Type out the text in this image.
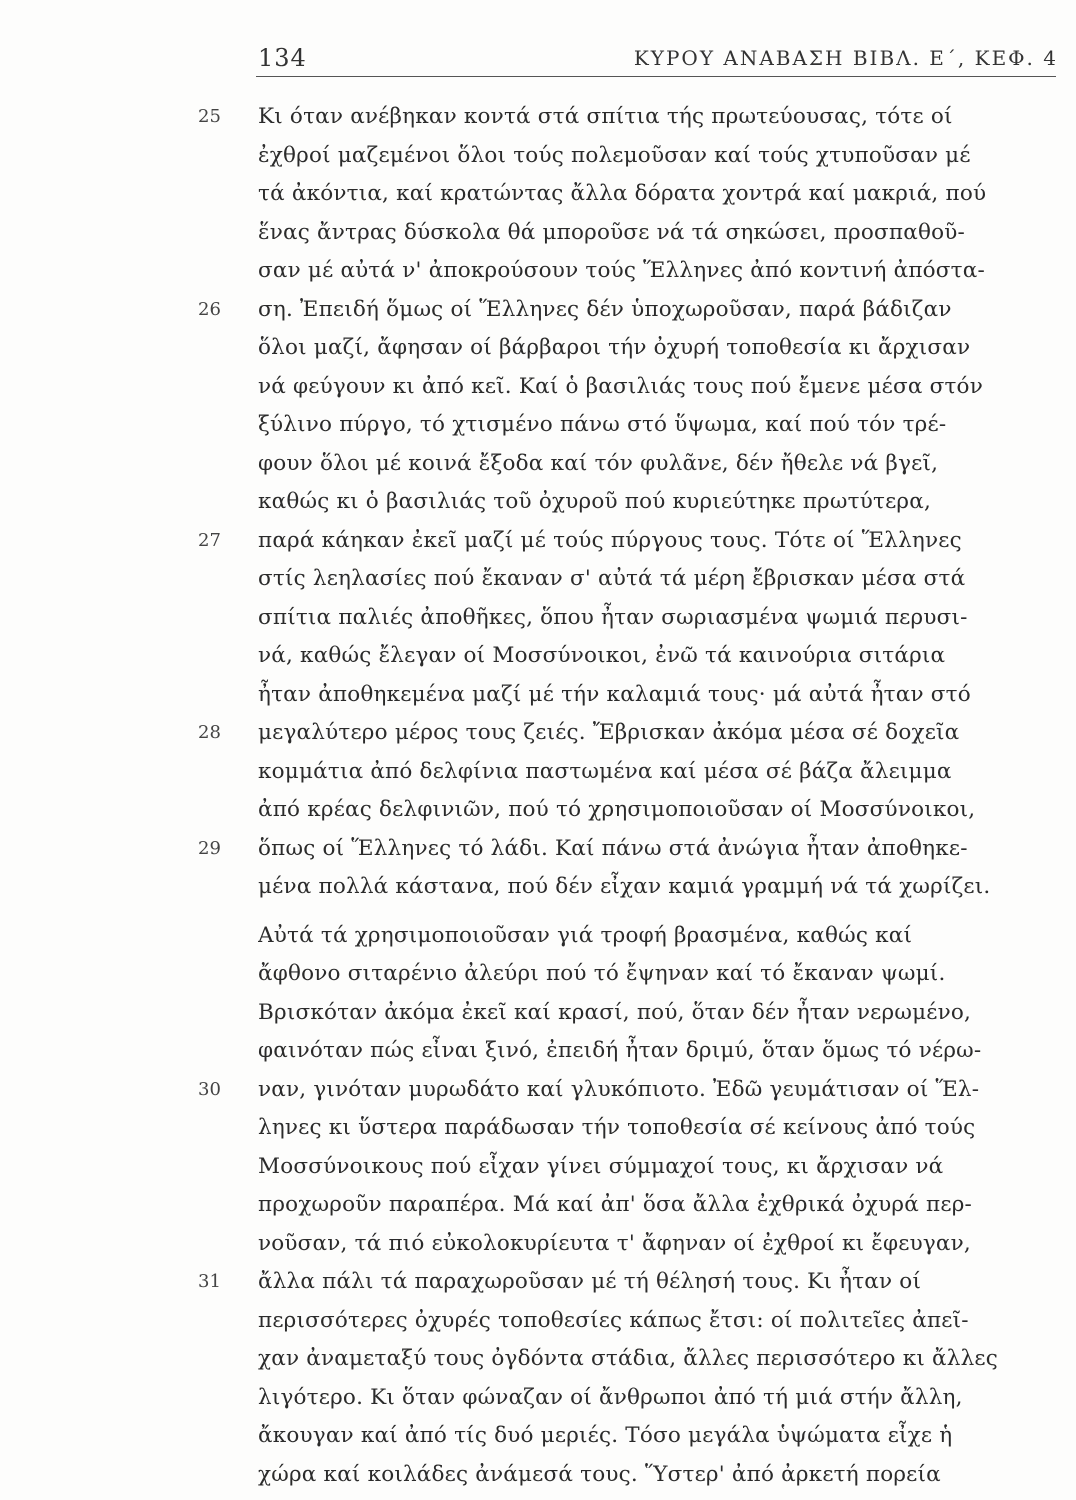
134	ΚΥΡΟΥ ΑΝΑΒΑΣΗ ΒΙΒΛ. Ε΄, ΚΕΦ. 4
25	Κι όταν ανέβηκαν κοντά στά σπίτια τής πρωτεύουσας, τότε οί
ἐχθροί μαζεμένοι ὅλοι τούς πολεμοῦσαν καί τούς χτυποῦσαν μέ
τά ἀκόντια, καί κρατώντας ἄλλα δόρατα χοντρά καί μακριά, πού
ἕνας ἄντρας δύσκολα θά μποροῦσε νά τά σηκώσει, προσπαθοῦ-
σαν μέ αὐτά ν' ἀποκρούσουν τούς Ἕλληνες ἀπό κοντινή ἀπόστα-
26	ση. Ἐπειδή ὅμως οί Ἕλληνες δέν ὑποχωροῦσαν, παρά βάδιζαν
ὅλοι μαζί, ἄφησαν οί βάρβαροι τήν ὀχυρή τοποθεσία κι ἄρχισαν
νά φεύγουν κι ἀπό κεῖ. Καί ὁ βασιλιάς τους πού ἔμενε μέσα στόν
ξύλινο πύργο, τό χτισμένο πάνω στό ὕψωμα, καί πού τόν τρέ-
φουν ὅλοι μέ κοινά ἔξοδα καί τόν φυλᾶνε, δέν ἤθελε νά βγεῖ,
καθώς κι ὁ βασιλιάς τοῦ ὀχυροῦ πού κυριεύτηκε πρωτύτερα,
27	παρά κάηκαν ἐκεῖ μαζί μέ τούς πύργους τους. Τότε οί Ἕλληνες
στίς λεηλασίες πού ἔκαναν σ' αὐτά τά μέρη ἔβρισκαν μέσα στά
σπίτια παλιές ἀποθῆκες, ὅπου ἦταν σωριασμένα ψωμιά περυσι-
νά, καθώς ἔλεγαν οί Μοσσύνοικοι, ἐνῶ τά καινούρια σιτάρια
ἦταν ἀποθηκεμένα μαζί μέ τήν καλαμιά τους· μά αὐτά ἦταν στό
28	μεγαλύτερο μέρος τους ζειές. Ἔβρισκαν ἀκόμα μέσα σέ δοχεῖα
κομμάτια ἀπό δελφίνια παστωμένα καί μέσα σέ βάζα ἄλειμμα
ἀπό κρέας δελφινιῶν, πού τό χρησιμοποιοῦσαν οί Μοσσύνοικοι,
29	ὅπως οί Ἕλληνες τό λάδι. Καί πάνω στά ἀνώγια ἦταν ἀποθηκε-
μένα πολλά κάστανα, πού δέν εἶχαν καμιά γραμμή νά τά χωρίζει.
Αὐτά τά χρησιμοποιοῦσαν γιά τροφή βρασμένα, καθώς καί
ἄφθονο σιταρένιο ἀλεύρι πού τό ἔψηναν καί τό ἔκαναν ψωμί.
Βρισκόταν ἀκόμα ἐκεῖ καί κρασί, πού, ὅταν δέν ἦταν νερωμένο,
φαινόταν πώς εἶναι ξινό, ἐπειδή ἦταν δριμύ, ὅταν ὅμως τό νέρω-
30	ναν, γινόταν μυρωδάτο καί γλυκόπιοτο. Ἐδῶ γευμάτισαν οί Ἕλ-
ληνες κι ὕστερα παράδωσαν τήν τοποθεσία σέ κείνους ἀπό τούς
Μοσσύνοικους πού εἶχαν γίνει σύμμαχοί τους, κι ἄρχισαν νά
προχωροῦν παραπέρα. Μά καί ἀπ' ὅσα ἄλλα ἐχθρικά ὀχυρά περ-
νοῦσαν, τά πιό εὐκολοκυρίευτα τ' ἄφηναν οί ἐχθροί κι ἔφευγαν,
31	ἄλλα πάλι τά παραχωροῦσαν μέ τή θέλησή τους. Κι ἦταν οί
περισσότερες ὀχυρές τοποθεσίες κάπως ἔτσι: οί πολιτεῖες ἀπεῖ-
χαν ἀναμεταξύ τους ὀγδόντα στάδια, ἄλλες περισσότερο κι ἄλλες
λιγότερο. Κι ὅταν φώναζαν οί ἄνθρωποι ἀπό τή μιά στήν ἄλλη,
ἄκουγαν καί ἀπό τίς δυό μεριές. Τόσο μεγάλα ὑψώματα εἶχε ἡ
χώρα καί κοιλάδες ἀνάμεσά τους. Ὕστερ' ἀπό ἀρκετή πορεία
